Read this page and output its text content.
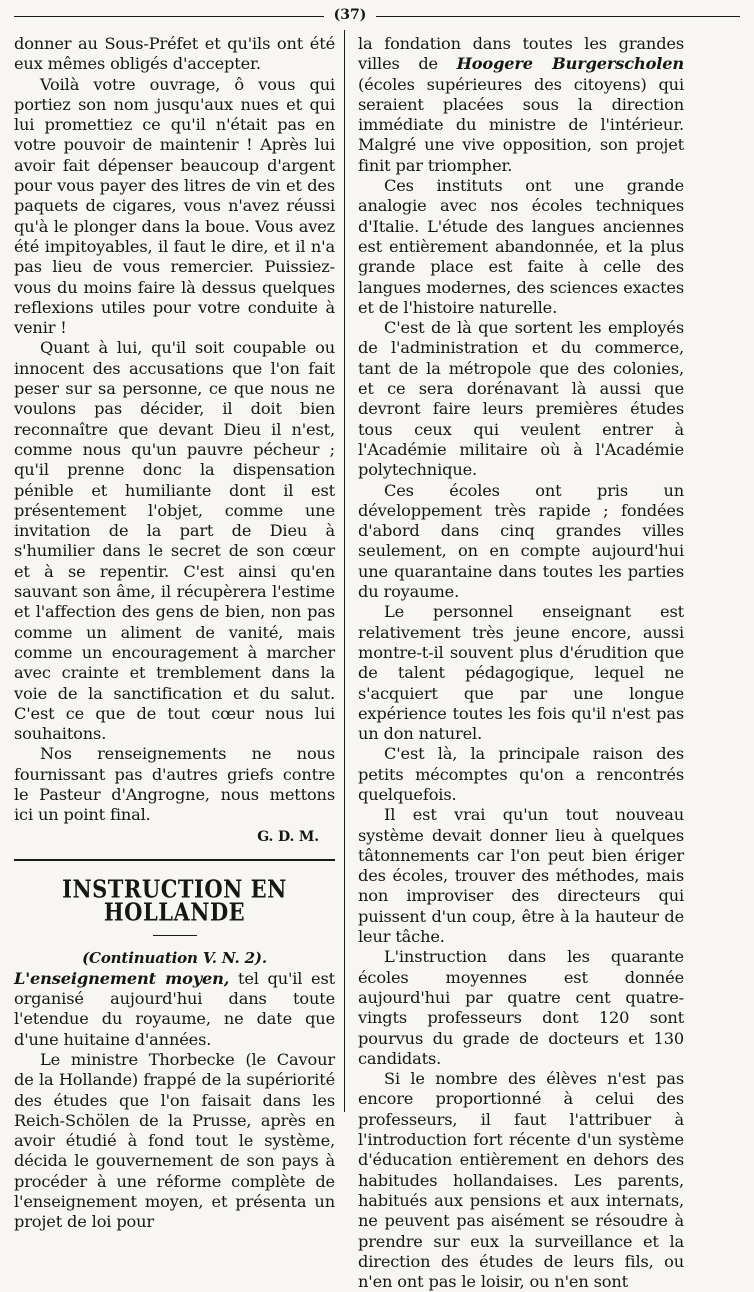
(37)

donner au Sous-Préfet et qu'ils ont été eux mêmes obligés d'accepter.

Voilà votre ouvrage, ô vous qui portiez son nom jusqu'aux nues et qui lui promettiez ce qu'il n'était pas en votre pouvoir de maintenir ! Après lui avoir fait dépenser beaucoup d'argent pour vous payer des litres de vin et des paquets de cigares, vous n'avez réussi qu'à le plonger dans la boue. Vous avez été impitoyables, il faut le dire, et il n'a pas lieu de vous remercier. Puissiez-vous du moins faire là dessus quelques reflexions utiles pour votre conduite à venir !

Quant à lui, qu'il soit coupable ou innocent des accusations que l'on fait peser sur sa personne, ce que nous ne voulons pas décider, il doit bien reconnaître que devant Dieu il n'est, comme nous qu'un pauvre pécheur ; qu'il prenne donc la dispensation pénible et humiliante dont il est présentement l'objet, comme une invitation de la part de Dieu à s'humilier dans le secret de son cœur et à se repentir. C'est ainsi qu'en sauvant son âme, il récupèrera l'estime et l'affection des gens de bien, non pas comme un aliment de vanité, mais comme un encouragement à marcher avec crainte et tremblement dans la voie de la sanctification et du salut. C'est ce que de tout cœur nous lui souhaitons.

Nos renseignements ne nous fournissant pas d'autres griefs contre le Pasteur d'Angrogne, nous mettons ici un point final.

G. D. M.
INSTRUCTION EN HOLLANDE
(Continuation V. N. 2).

L'enseignement moyen, tel qu'il est organisé aujourd'hui dans toute l'etendue du royaume, ne date que d'une huitaine d'années.

Le ministre Thorbecke (le Cavour de la Hollande) frappé de la supériorité des études que l'on faisait dans les Reich-Schölen de la Prusse, après en avoir étudié à fond tout le système, décida le gouvernement de son pays à procéder à une réforme complète de l'enseignement moyen, et présenta un projet de loi pour

la fondation dans toutes les grandes villes de Hoogere Burgerscholen (écoles supérieures des citoyens) qui seraient placées sous la direction immédiate du ministre de l'intérieur. Malgré une vive opposition, son projet finit par triompher.

Ces instituts ont une grande analogie avec nos écoles techniques d'Italie. L'étude des langues anciennes est entièrement abandonnée, et la plus grande place est faite à celle des langues modernes, des sciences exactes et de l'histoire naturelle.

C'est de là que sortent les employés de l'administration et du commerce, tant de la métropole que des colonies, et ce sera dorénavant là aussi que devront faire leurs premières études tous ceux qui veulent entrer à l'Académie militaire où à l'Académie polytechnique.

Ces écoles ont pris un développement très rapide ; fondées d'abord dans cinq grandes villes seulement, on en compte aujourd'hui une quarantaine dans toutes les parties du royaume.

Le personnel enseignant est relativement très jeune encore, aussi montre-t-il souvent plus d'érudition que de talent pédagogique, lequel ne s'acquiert que par une longue expérience toutes les fois qu'il n'est pas un don naturel.

C'est là, la principale raison des petits mécomptes qu'on a rencontrés quelquefois.

Il est vrai qu'un tout nouveau système devait donner lieu à quelques tâtonnements car l'on peut bien ériger des écoles, trouver des méthodes, mais non improviser des directeurs qui puissent d'un coup, être à la hauteur de leur tâche.

L'instruction dans les quarante écoles moyennes est donnée aujourd'hui par quatre cent quatre-vingts professeurs dont 120 sont pourvus du grade de docteurs et 130 candidats.

Si le nombre des élèves n'est pas encore proportionné à celui des professeurs, il faut l'attribuer à l'introduction fort récente d'un système d'éducation entièrement en dehors des habitudes hollandaises. Les parents, habitués aux pensions et aux internats, ne peuvent pas aisément se résoudre à prendre sur eux la surveillance et la direction des études de leurs fils, ou n'en ont pas le loisir, ou n'en sont
